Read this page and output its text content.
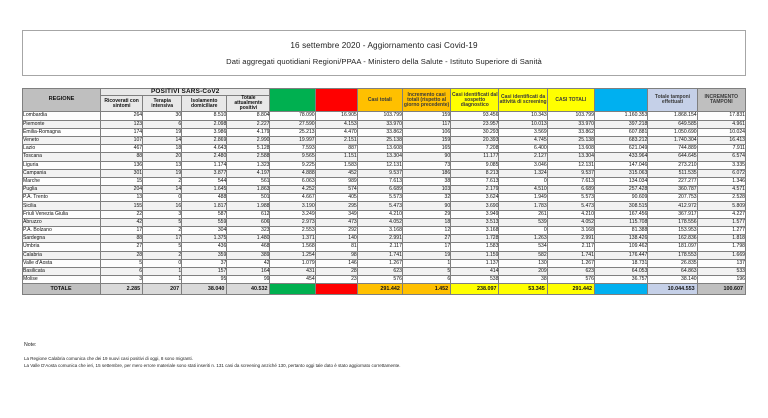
16 settembre 2020 - Aggiornamento casi Covid-19
Dati aggregati quotidiani Regioni/PPAA - Ministero della Salute - Istituto Superiore di Sanità
REGIONE	POSITIVI SARS-CoV2				DIMESSI GUARITI	Deceduti	Casi totali	Incremento casi totali (rispetto al giorno precedente)	Casi identificati dal sospetto diagnostico	Casi identificati da attività di screening	CASI TOTALI	Totale casi testati	Totale tamponi effettuati	INCREMENTO TAMPONI
	Ricoverati con sintomi	Terapia intensiva	Isolamento domiciliare	Totale attualmente positivi										
Lombardia	264	30	8.510	8.804	78.090	16.905	103.799	159	93.456	10.343	103.799	1.160.353	1.868.154	17.831
Piemonte	123	6	2.098	2.227	27.590	4.153	33.970	117	23.957	10.013	33.970	397.218	649.585	4.961
Emilia-Romagna	174	19	3.986	4.179	25.213	4.470	33.862	106	30.293	3.569	33.862	607.881	1.050.690	10.024
Veneto	107	14	2.869	2.990	19.997	2.151	25.138	159	20.393	4.745	25.138	683.212	1.740.304	16.413
Lazio	467	18	4.643	5.128	7.593	887	13.608	165	7.208	6.400	13.608	621.049	744.889	7.911
Toscana	88	20	2.480	2.588	9.565	1.151	13.304	90	11.177	2.127	13.304	433.964	644.645	6.574
Liguria	136	13	1.174	1.323	9.225	1.583	12.131	73	9.085	3.046	12.131	147.046	273.210	3.335
Campania	301	19	3.877	4.197	4.888	452	9.537	186	8.213	1.324	9.537	315.063	511.535	6.072
Marche	15	2	544	561	6.063	989	7.613	38	7.613	0	7.613	134.034	227.277	1.346
Puglia	204	14	1.645	1.863	4.252	574	6.689	103	2.179	4.510	6.689	257.428	360.787	4.571
P.A. Trento	13	0	488	501	4.667	405	5.573	32	3.624	1.949	5.573	90.609	207.753	2.528
Sicilia	155	16	1.817	1.988	3.190	295	5.473	90	3.690	1.783	5.473	308.515	412.972	5.809
Friuli Venezia Giulia	22	3	587	612	3.249	349	4.210	29	3.949	261	4.210	167.456	367.917	4.227
Abruzzo	42	5	559	606	2.973	473	4.052	18	3.513	539	4.052	115.708	178.556	1.577
P.A. Bolzano	17	2	304	323	2.553	292	3.168	12	3.168	0	3.168	81.388	153.953	1.277
Sardegna	88	17	1.375	1.480	1.371	140	2.991	27	1.728	1.263	2.991	138.426	162.836	1.818
Umbria	27	5	436	468	1.568	81	2.117	17	1.583	534	2.117	109.462	181.097	1.798
Calabria	28	2	359	389	1.254	98	1.741	19	1.159	582	1.741	176.447	178.553	1.669
Valle d'Aosta	5	0	37	42	1.079	146	1.267	1	1.137	130	1.267	18.731	26.835	137
Basilicata	6	1	157	164	431	28	623	5	414	209	623	64.053	64.863	533
Molise	3	1	95	99	454	23	576	6	538	38	576	36.757	38.140	196
TOTALE	2.285	207	38.040	40.532	215.265	35.645	291.442	1.452	238.097	53.345	291.442	6.064.792	10.044.553	100.607
Note:
La Regione Calabria comunica che dei 19 nuovi casi positivi di oggi, 8 sono migranti.
La Valle D'Aosta comunica che ieri, 15 settembre, per mero errore materiale sono stati inseriti n. 131 casi da screening anziché 130, pertanto oggi tale dato è stato aggiornato correttamente.
